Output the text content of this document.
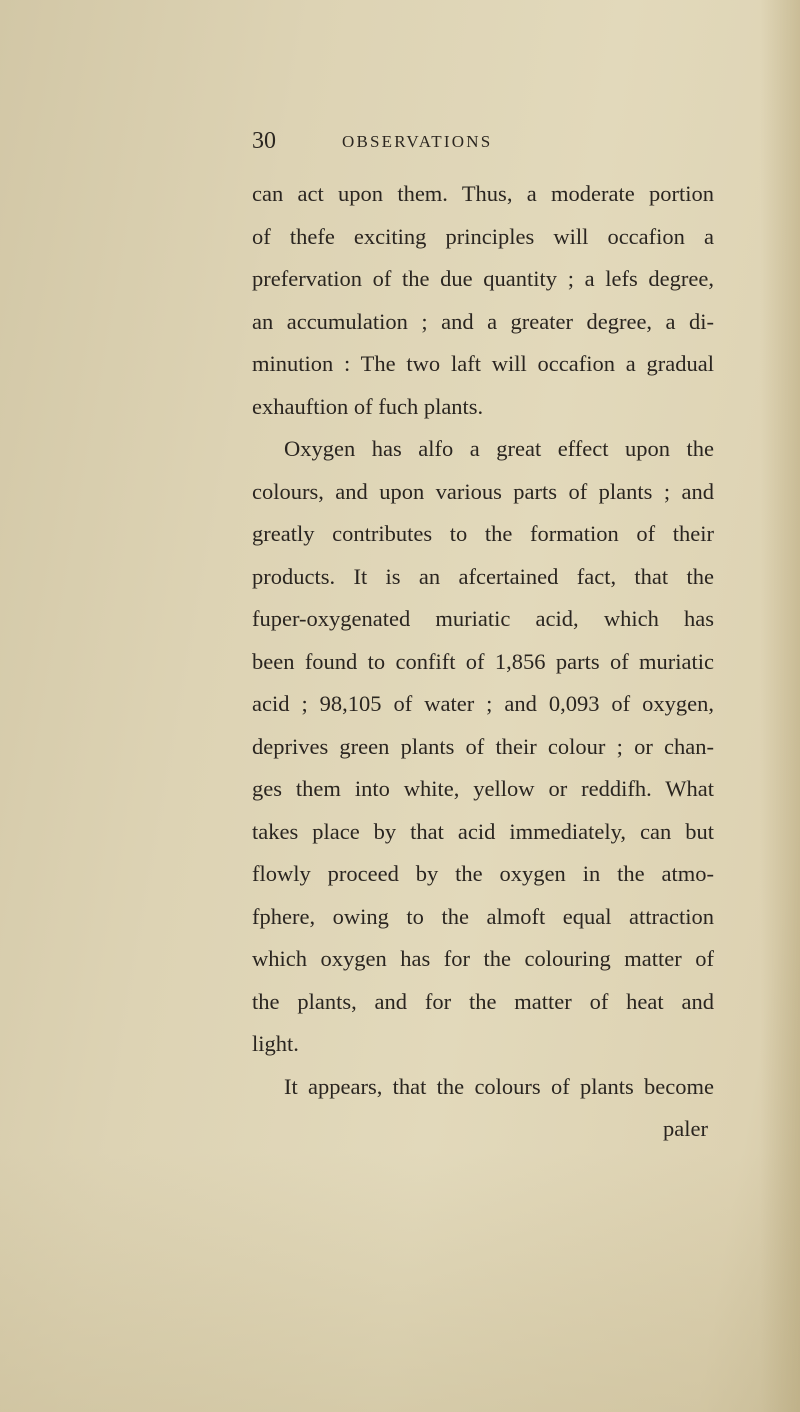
30	OBSERVATIONS
can act upon them. Thus, a moderate portion
of thefe exciting principles will occafion a
prefervation of the due quantity ; a lefs degree,
an accumulation ; and a greater degree, a di-
minution : The two laft will occafion a gradual
exhauftion of fuch plants.
Oxygen has alfo a great effect upon the
colours, and upon various parts of plants ; and
greatly contributes to the formation of their
products. It is an afcertained fact, that the
fuper-oxygenated muriatic acid, which has
been found to confift of 1,856 parts of muriatic
acid ; 98,105 of water ; and 0,093 of oxygen,
deprives green plants of their colour ; or chan-
ges them into white, yellow or reddifh. What
takes place by that acid immediately, can but
flowly proceed by the oxygen in the atmo-
fphere, owing to the almoft equal attraction
which oxygen has for the colouring matter of
the plants, and for the matter of heat and
light.
It appears, that the colours of plants become
paler
